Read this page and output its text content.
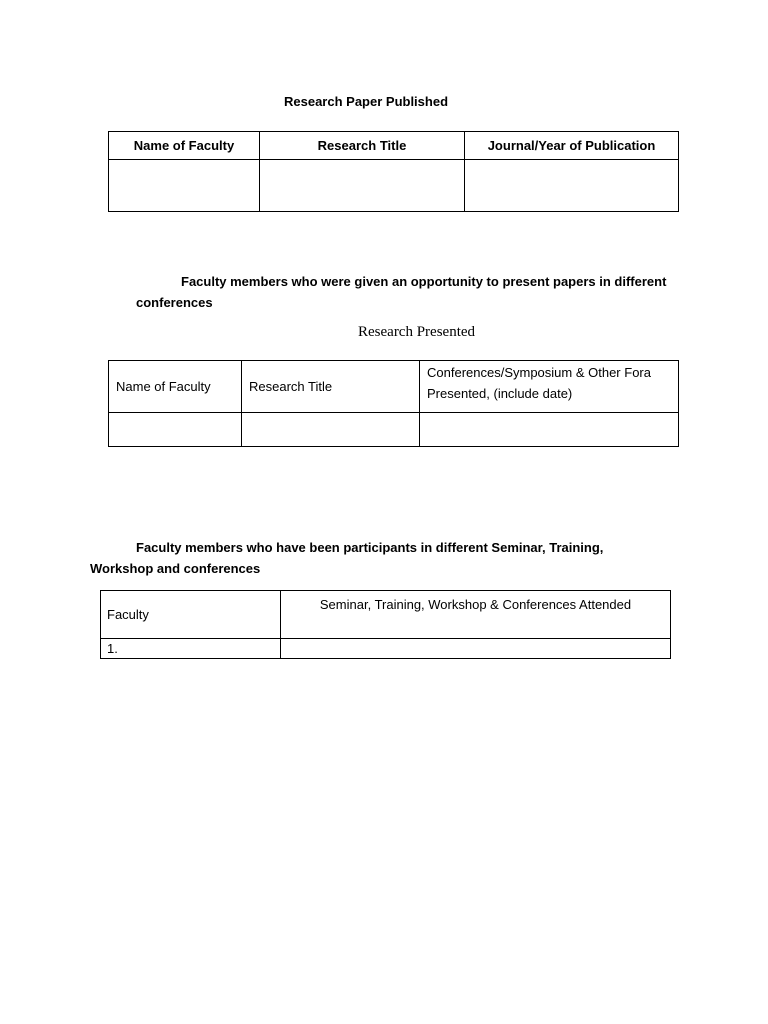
Research Paper Published
Name of Faculty	Research Title	Journal/Year of Publication

Faculty members who were given an opportunity to present papers in different
conferences
Research Presented
Name of Faculty	Research Title	Conferences/Symposium & Other Fora Presented, (include date)

Faculty members who have been participants in different Seminar, Training,
Workshop and conferences
Faculty	Seminar, Training, Workshop & Conferences Attended
1.	
